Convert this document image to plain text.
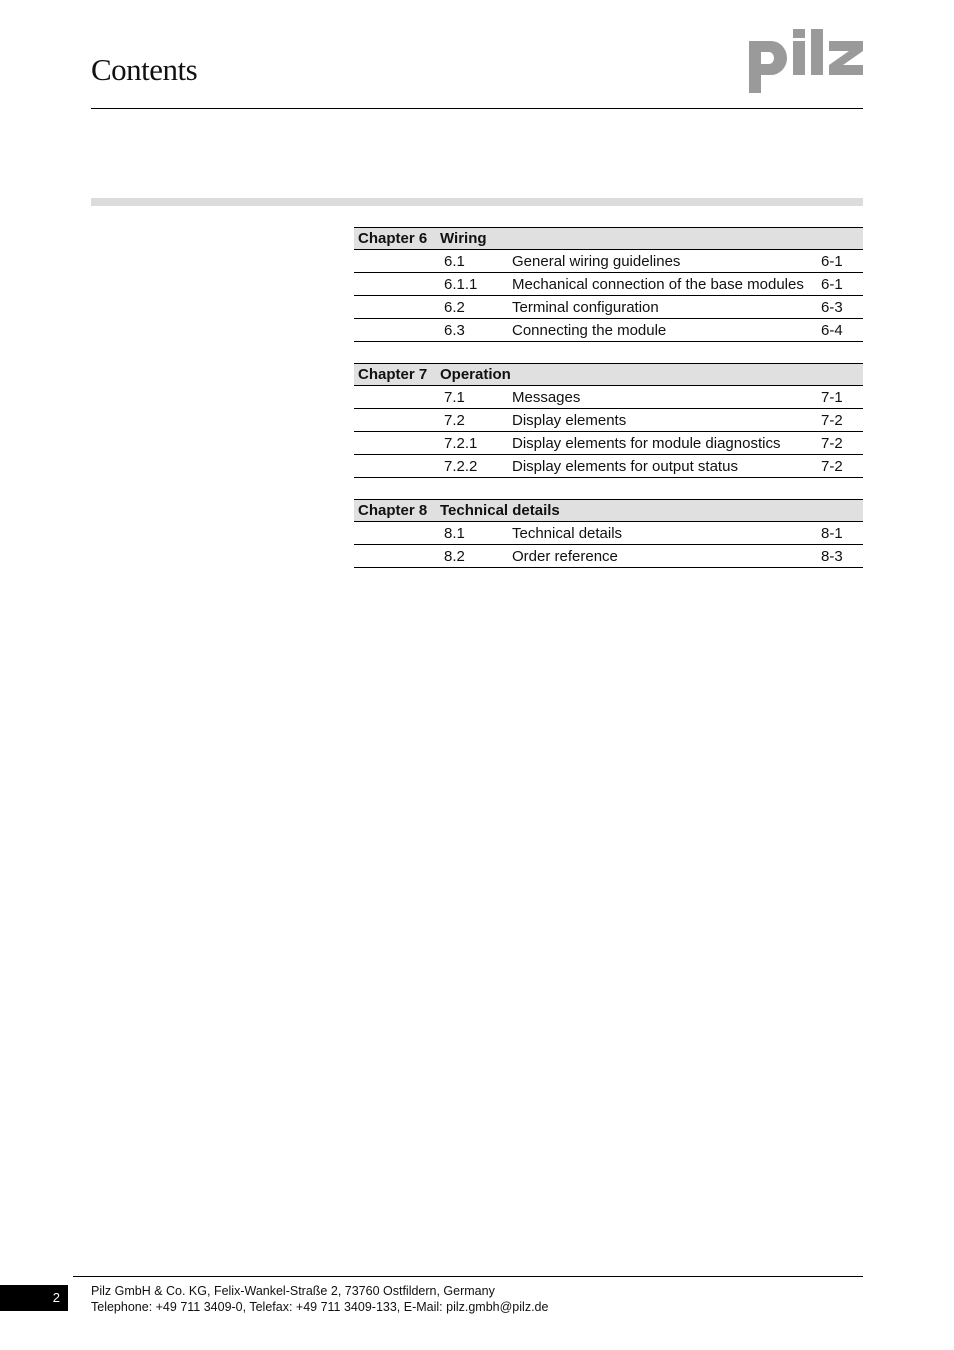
Contents
Chapter 6 Wiring
6.1	General wiring guidelines	6-1
6.1.1	Mechanical connection of the base modules	6-1
6.2	Terminal configuration	6-3
6.3	Connecting the module	6-4
Chapter 7 Operation
7.1	Messages	7-1
7.2	Display elements	7-2
7.2.1	Display elements for module diagnostics	7-2
7.2.2	Display elements for output status	7-2
Chapter 8 Technical details
8.1	Technical details	8-1
8.2	Order reference	8-3
2	Pilz GmbH & Co. KG, Felix-Wankel-Straße 2, 73760 Ostfildern, Germany
Telephone: +49 711 3409-0, Telefax: +49 711 3409-133, E-Mail: pilz.gmbh@pilz.de
